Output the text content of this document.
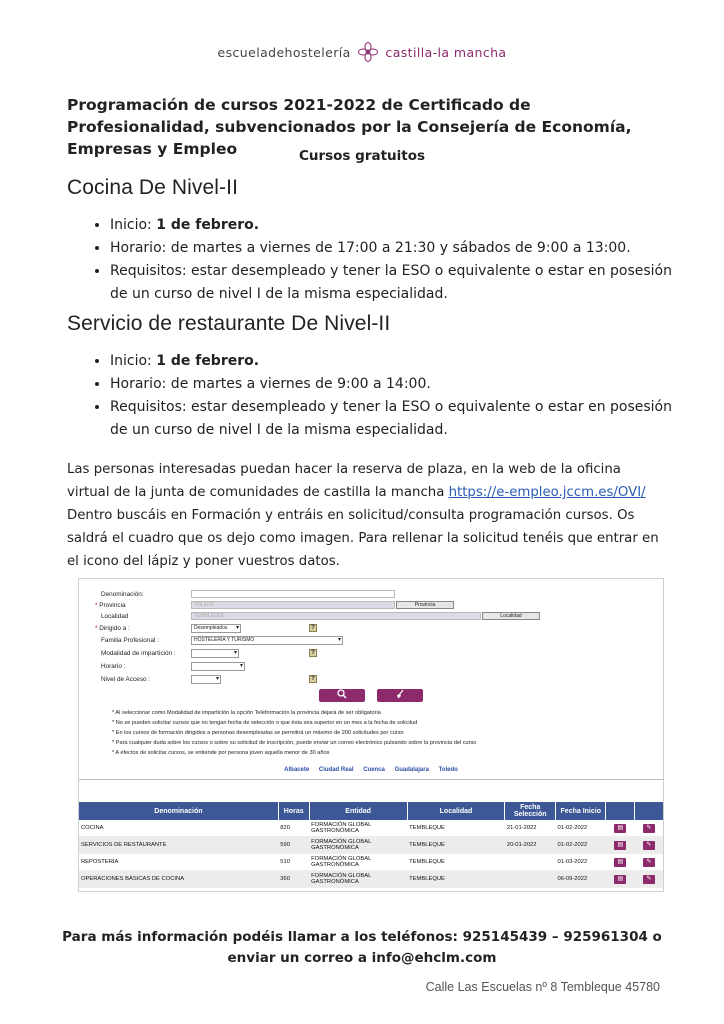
escueladehostelería	castilla-la mancha
Programación de cursos 2021-2022 de Certificado de Profesionalidad, subvencionados por la Consejería de Economía, Empresas y Empleo	Cursos gratuitos
Cocina De Nivel-II
• Inicio: 1 de febrero.
• Horario: de martes a viernes de 17:00 a 21:30 y sábados de 9:00 a 13:00.
• Requisitos: estar desempleado y tener la ESO o equivalente o estar en posesión de un curso de nivel I de la misma especialidad.
Servicio de restaurante De Nivel-II
• Inicio: 1 de febrero.
• Horario: de martes a viernes de 9:00 a 14:00.
• Requisitos: estar desempleado y tener la ESO o equivalente o estar en posesión de un curso de nivel I de la misma especialidad.
Las personas interesadas puedan hacer la reserva de plaza, en la web de la oficina virtual de la junta de comunidades de castilla la mancha https://e-empleo.jccm.es/OVI/
Dentro buscáis en Formación y entráis en solicitud/consulta programación cursos. Os saldrá el cuadro que os dejo como imagen. Para rellenar la solicitud tenéis que entrar en el icono del lápiz y poner vuestros datos.
Denominación:
* Provincia	TOLEDO	Provincia
Localidad	TEMBLEQUE	Localidad
* Dirigido a :	Desempleados ▾	?
Familia Profesional :	HOSTELERÍA Y TURISMO ▾
Modalidad de impartición : ▾	?
Horario :
▾
Nivel de Acceso : ▾	?
* Al seleccionar como Modalidad de impartición la opción Teleformación la provincia dejará de ser obligatoria
* No se pueden solicitar cursos que no tengan fecha de selección o que ésta sea superior en un mes a la fecha de solicitud
* En los cursos de formación dirigidos a personas desempleadas se permitirá un máximo de 200 solicitudes por curso
* Para cualquier duda sobre los cursos o sobre su solicitud de inscripción, puede enviar un correo electrónico pulsando sobre la provincia del curso
* A efectos de solicitar cursos, se entiende por persona joven aquella menor de 30 años
Albacete Ciudad Real Cuenca Guadalajara Toledo
Denominación	Horas	Entidad	Localidad	Fecha Selección	Fecha Inicio		
COCINA	820	FORMACIÓN GLOBAL GASTRONÓMICA	TEMBLEQUE	21-01-2022	01-02-2022	▤	✎
SERVICIOS DE RESTAURANTE	590	FORMACIÓN GLOBAL GASTRONÓMICA	TEMBLEQUE	20-01-2022	01-02-2022	▤	✎
REPOSTERÍA	510	FORMACIÓN GLOBAL GASTRONÓMICA	TEMBLEQUE		01-03-2022	▤	✎
OPERACIONES BÁSICAS DE COCINA	360	FORMACIÓN GLOBAL GASTRONÓMICA	TEMBLEQUE		06-09-2022	▤	✎
Para más información podéis llamar a los teléfonos: 925145439 – 925961304 o
enviar un correo a info@ehclm.com
Calle Las Escuelas nº 8 Tembleque 45780
